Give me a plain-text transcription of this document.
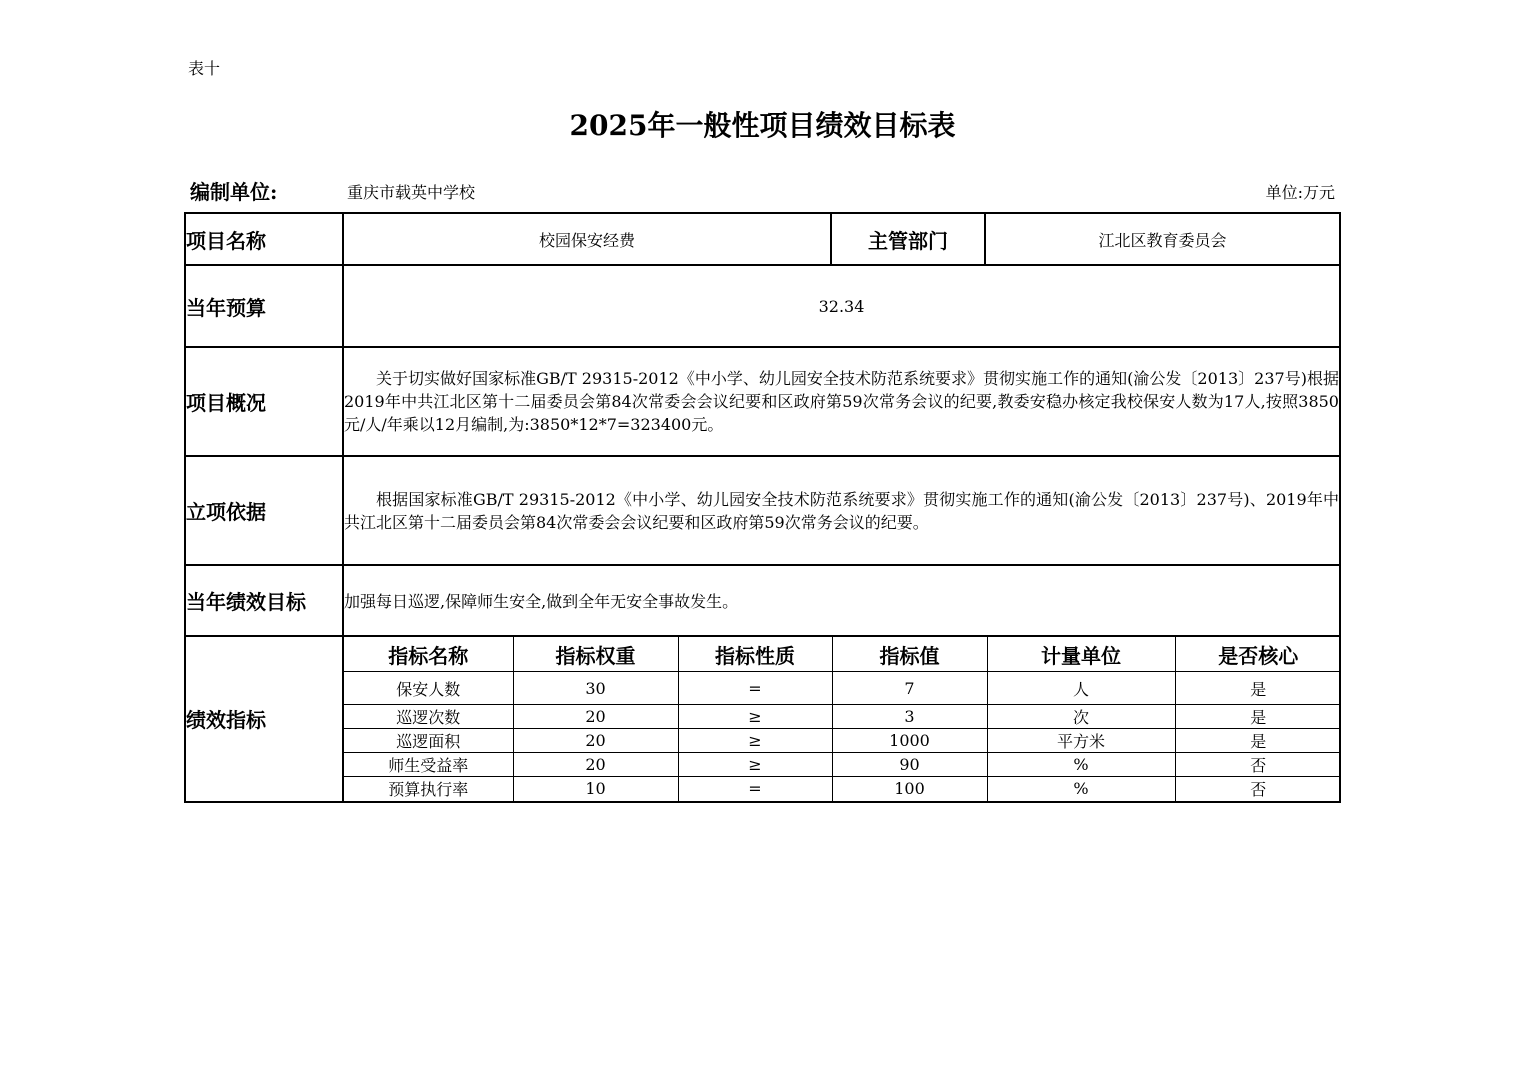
表十
2025年一般性项目绩效目标表
编制单位:	重庆市载英中学校	单位:万元
项目名称	校园保安经费	主管部门	江北区教育委员会
当年预算	32.34
项目概况	关于切实做好国家标准GB/T 29315-2012《中小学、幼儿园安全技术防范系统要求》贯彻实施工作的通知(渝公发〔2013〕237号)根据2019年中共江北区第十二届委员会第84次常委会会议纪要和区政府第59次常务会议的纪要,教委安稳办核定我校保安人数为17人,按照3850元/人/年乘以12月编制,为:3850*12*7=323400元。
立项依据	根据国家标准GB/T 29315-2012《中小学、幼儿园安全技术防范系统要求》贯彻实施工作的通知(渝公发〔2013〕237号)、2019年中共江北区第十二届委员会第84次常委会会议纪要和区政府第59次常务会议的纪要。
当年绩效目标	加强每日巡逻,保障师生安全,做到全年无安全事故发生。
绩效指标	
指标名称	指标权重	指标性质	指标值	计量单位	是否核心
保安人数	30	=	7	人	是
巡逻次数	20	≥	3	次	是
巡逻面积	20	≥	1000	平方米	是
师生受益率	20	≥	90	%	否
预算执行率	10	=	100	%	否
